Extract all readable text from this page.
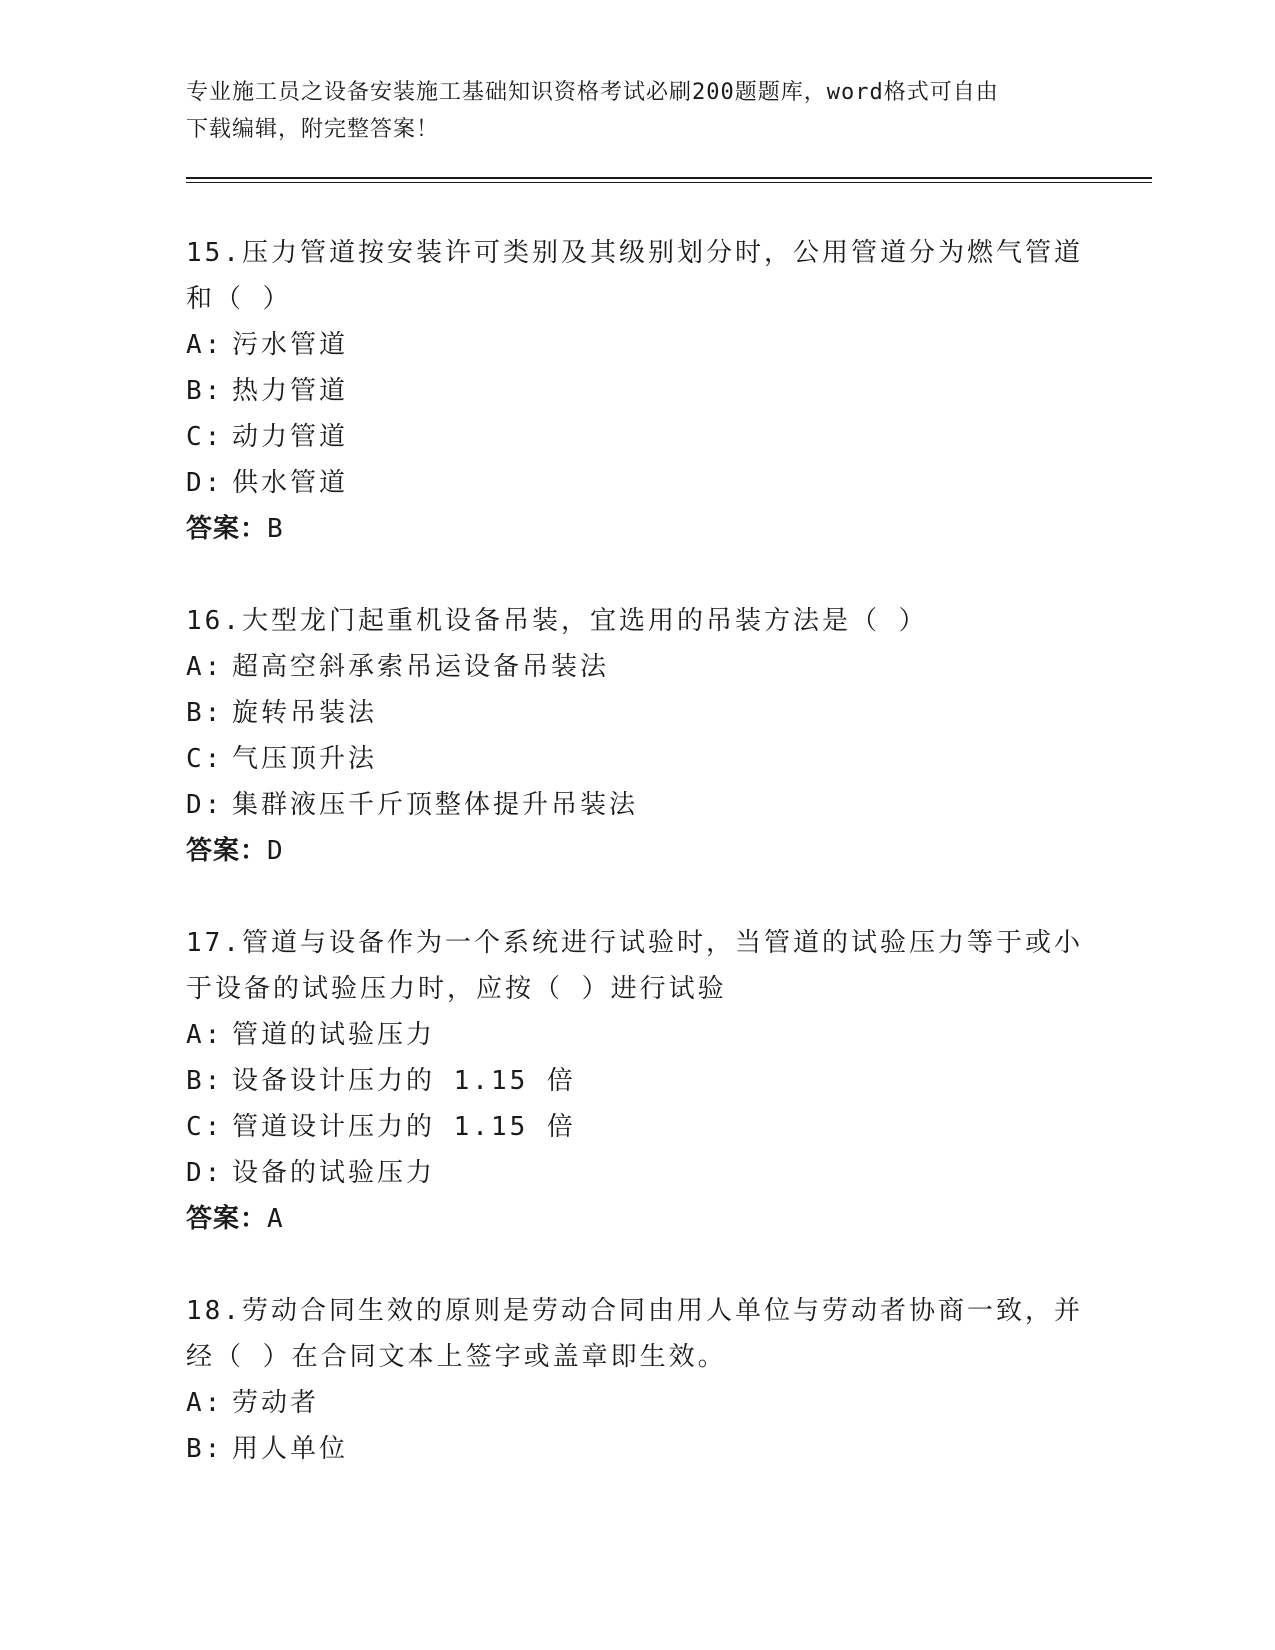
专业施工员之设备安装施工基础知识资格考试必刷200题题库，word格式可自由
下载编辑，附完整答案！
15.压力管道按安装许可类别及其级别划分时，公用管道分为燃气管道
和（ ）
A: 污水管道
B: 热力管道
C: 动力管道
D: 供水管道
答案：B
16.大型龙门起重机设备吊装，宜选用的吊装方法是（ ）
A: 超高空斜承索吊运设备吊装法
B: 旋转吊装法
C: 气压顶升法
D: 集群液压千斤顶整体提升吊装法
答案：D
17.管道与设备作为一个系统进行试验时，当管道的试验压力等于或小
于设备的试验压力时，应按（ ）进行试验
A: 管道的试验压力
B: 设备设计压力的 1.15 倍
C: 管道设计压力的 1.15 倍
D: 设备的试验压力
答案：A
18.劳动合同生效的原则是劳动合同由用人单位与劳动者协商一致，并
经（ ）在合同文本上签字或盖章即生效。
A: 劳动者
B: 用人单位
